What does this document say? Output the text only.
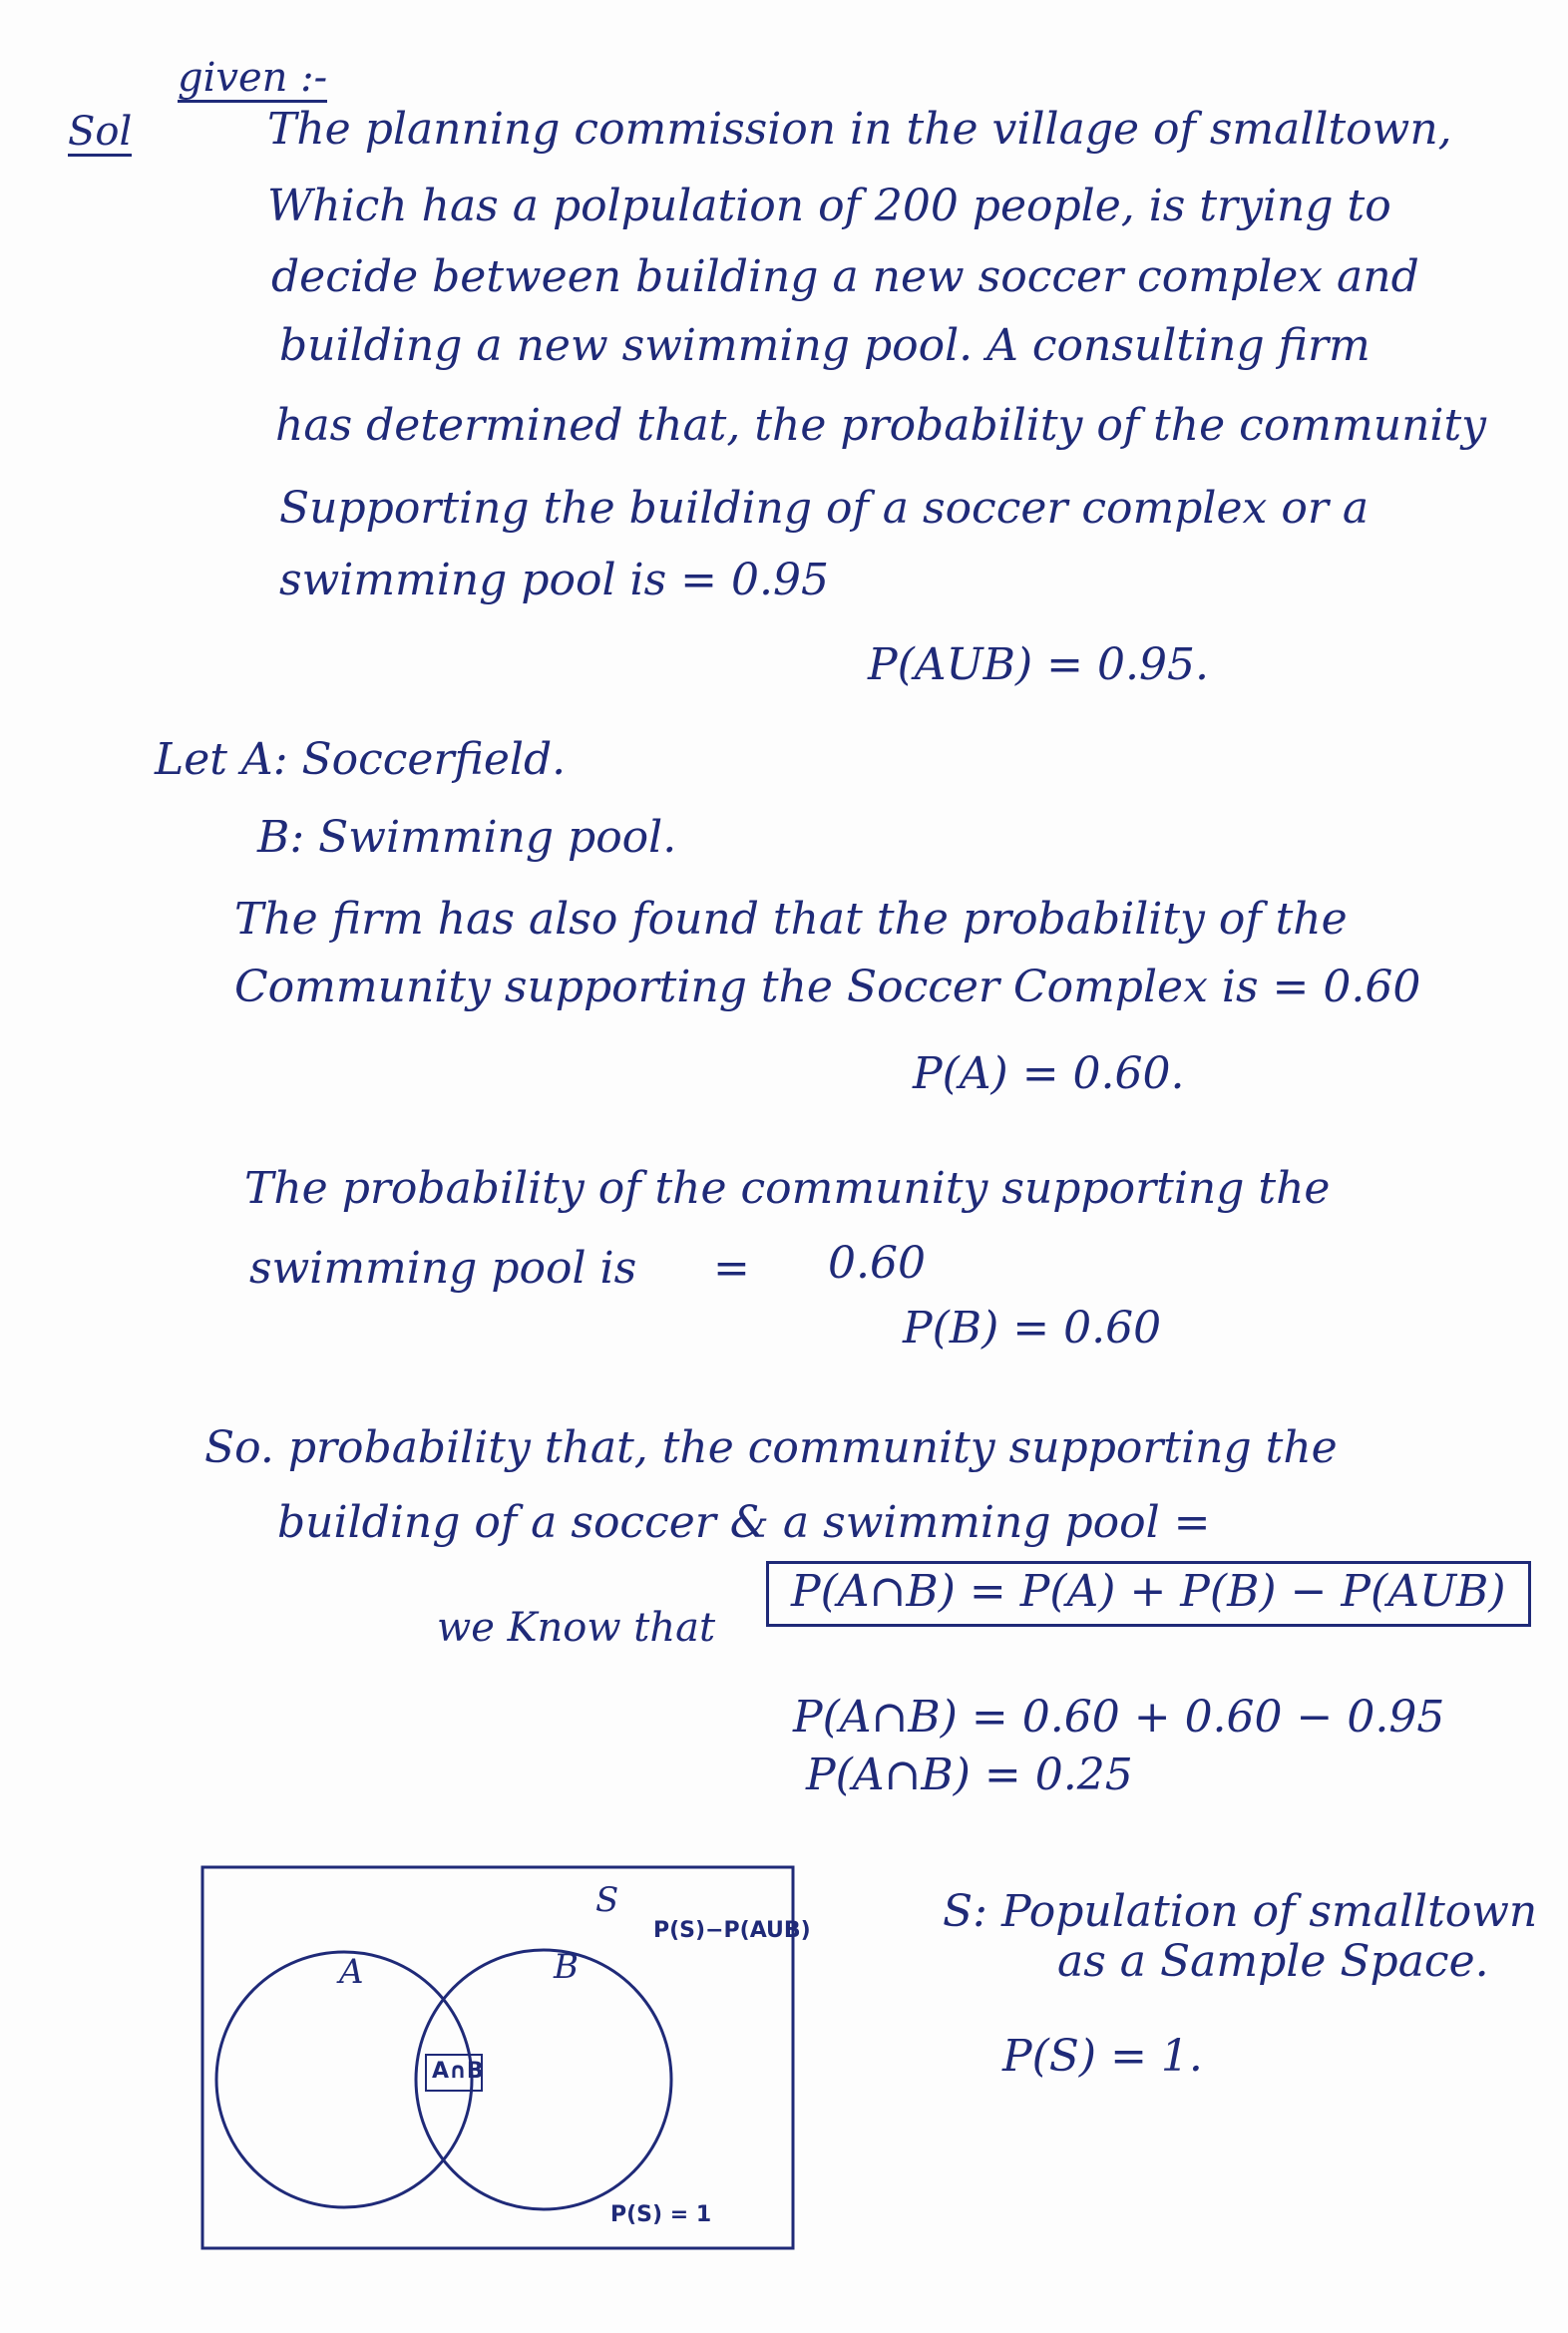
Sol
given :-
The planning commission in the village of smalltown,
Which has a polpulation of 200 people, is trying to
decide between building a new soccer complex and
building a new swimming pool. A consulting firm
has determined that, the probability of the community
Supporting the building of a soccer complex or a
swimming pool is = 0.95
P(AUB) = 0.95.
Let A: Soccerfield.
B: Swimming pool.
The firm has also found that the probability of the
Community supporting the Soccer Complex is = 0.60
P(A) = 0.60.
The probability of the community supporting the
swimming pool is = 0.60
P(B) = 0.60
So. probability that, the community supporting the
building of a soccer & a swimming pool =
we Know that
P(A∩B) = P(A) + P(B) − P(AUB)
P(A∩B) = 0.60 + 0.60 − 0.95
P(A∩B) = 0.25
S
A	B
A∩B
P(S)−P(AUB)
P(S) = 1
S: Population of smalltown
as a Sample Space.
P(S) = 1.
